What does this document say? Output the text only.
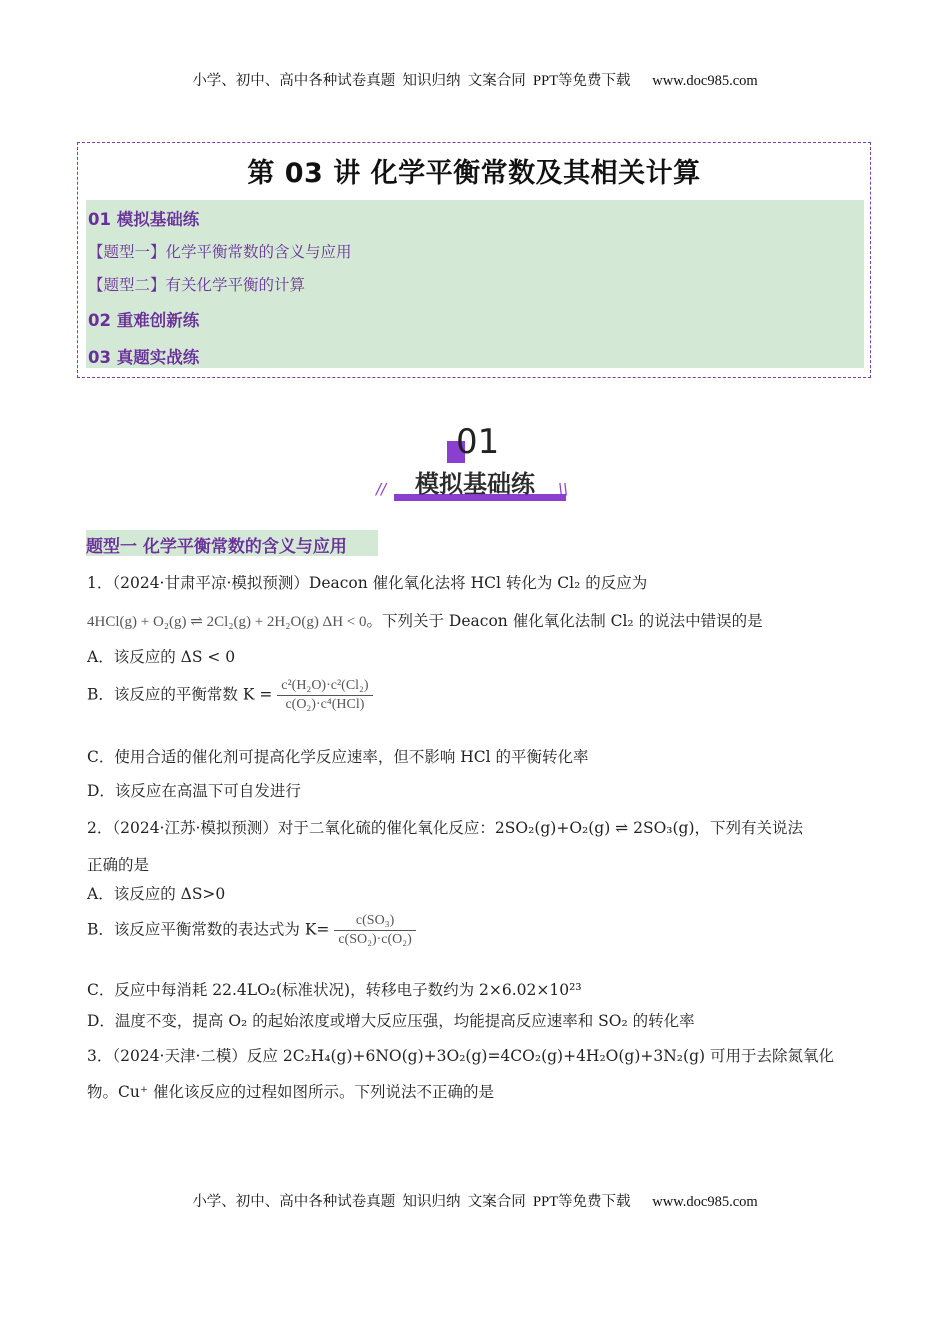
小学、初中、高中各种试卷真题  知识归纳  文案合同  PPT等免费下载      www.doc985.com
第 03 讲 化学平衡常数及其相关计算
01 模拟基础练
【题型一】化学平衡常数的含义与应用
【题型二】有关化学平衡的计算
02 重难创新练
03 真题实战练
01
模拟基础练
//	\\
题型一 化学平衡常数的含义与应用
1．（2024·甘肃平凉·模拟预测）Deacon 催化氧化法将 HCl 转化为 Cl₂ 的反应为
4HCl(g) + O₂(g) ⇌ 2Cl₂(g) + 2H₂O(g) ΔH < 0。下列关于 Deacon 催化氧化法制 Cl₂ 的说法中错误的是
A．该反应的 ΔS < 0
B．该反应的平衡常数 $K = \frac{\text{c²(H₂O)·c²(Cl₂)}}{\text{c(O₂)·c⁴(HCl)}}$
C．使用合适的催化剂可提高化学反应速率，但不影响 HCl 的平衡转化率
D．该反应在高温下可自发进行
2．（2024·江苏·模拟预测）对于二氧化硫的催化氧化反应：2SO₂(g)+O₂(g) ⇌ 2SO₃(g)，下列有关说法
正确的是
A．该反应的 ΔS>0
B．该反应平衡常数的表达式为 $K= \frac{\text{c(SO₃)}}{\text{c(SO₂)·c(O₂)}}$
C．反应中每消耗 22.4LO₂(标准状况)，转移电子数约为 2×6.02×10²³
D．温度不变，提高 O₂ 的起始浓度或增大反应压强，均能提高反应速率和 SO₂ 的转化率
3．（2024·天津·二模）反应 2C₂H₄(g)+6NO(g)+3O₂(g)=4CO₂(g)+4H₂O(g)+3N₂(g) 可用于去除氮氧化
物。Cu⁺ 催化该反应的过程如图所示。下列说法不正确的是
小学、初中、高中各种试卷真题  知识归纳  文案合同  PPT等免费下载      www.doc985.com
